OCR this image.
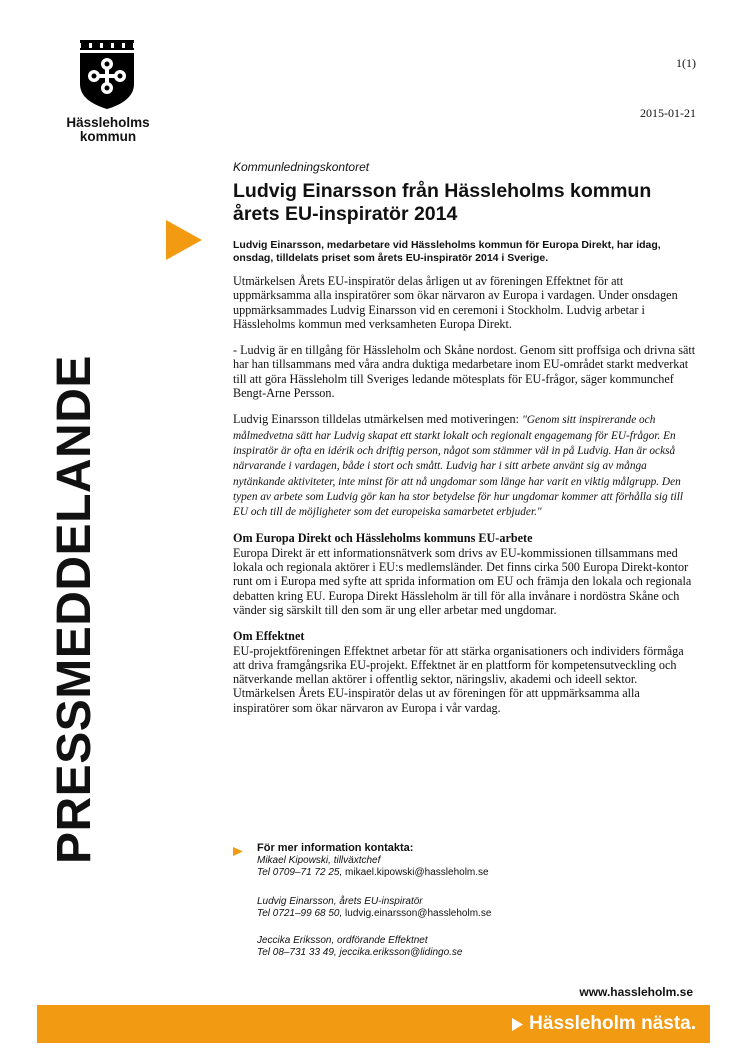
Hässleholms
kommun
1(1)
2015-01-21
PRESSMEDDELANDE

Kommunledningskontoret

Ludvig Einarsson från Hässleholms kommun årets EU-inspiratör 2014

Ludvig Einarsson, medarbetare vid Hässleholms kommun för Europa Direkt, har idag, onsdag, tilldelats priset som årets EU-inspiratör 2014 i Sverige.

Utmärkelsen Årets EU-inspiratör delas årligen ut av föreningen Effektnet för att uppmärksamma alla inspiratörer som ökar närvaron av Europa i vardagen. Under onsdagen uppmärksammades Ludvig Einarsson vid en ceremoni i Stockholm. Ludvig arbetar i Hässleholms kommun med verksamheten Europa Direkt.

- Ludvig är en tillgång för Hässleholm och Skåne nordost. Genom sitt proffsiga och drivna sätt har han tillsammans med våra andra duktiga medarbetare inom EU-området starkt medverkat till att göra Hässleholm till Sveriges ledande mötesplats för EU-frågor, säger kommunchef Bengt-Arne Persson.

Ludvig Einarsson tilldelas utmärkelsen med motiveringen: "Genom sitt inspirerande och målmedvetna sätt har Ludvig skapat ett starkt lokalt och regionalt engagemang för EU-frågor. En inspiratör är ofta en idérik och driftig person, något som stämmer väl in på Ludvig. Han är också närvarande i vardagen, både i stort och smått. Ludvig har i sitt arbete använt sig av många nytänkande aktiviteter, inte minst för att nå ungdomar som länge har varit en viktig målgrupp. Den typen av arbete som Ludvig gör kan ha stor betydelse för hur ungdomar kommer att förhålla sig till EU och till de möjligheter som det europeiska samarbetet erbjuder."

Om Europa Direkt och Hässleholms kommuns EU-arbete

Europa Direkt är ett informationsnätverk som drivs av EU-kommissionen tillsammans med lokala och regionala aktörer i EU:s medlemsländer. Det finns cirka 500 Europa Direkt-kontor runt om i Europa med syfte att sprida information om EU och främja den lokala och regionala debatten kring EU. Europa Direkt Hässleholm är till för alla invånare i nordöstra Skåne och vänder sig särskilt till den som är ung eller arbetar med ungdomar.

Om Effektnet

EU-projektföreningen Effektnet arbetar för att stärka organisationers och individers förmåga att driva framgångsrika EU-projekt. Effektnet är en plattform för kompetensutveckling och nätverkande mellan aktörer i offentlig sektor, näringsliv, akademi och ideell sektor. Utmärkelsen Årets EU-inspiratör delas ut av föreningen för att uppmärksamma alla inspiratörer som ökar närvaron av Europa i vår vardag.

För mer information kontakta:
Mikael Kipowski, tillväxtchef
Tel 0709–71 72 25, mikael.kipowski@hassleholm.se
Ludvig Einarsson, årets EU-inspiratör
Tel 0721–99 68 50, ludvig.einarsson@hassleholm.se
Jeccika Eriksson, ordförande Effektnet
Tel 08–731 33 49, jeccika.eriksson@lidingo.se
www.hassleholm.se
Hässleholm nästa.
